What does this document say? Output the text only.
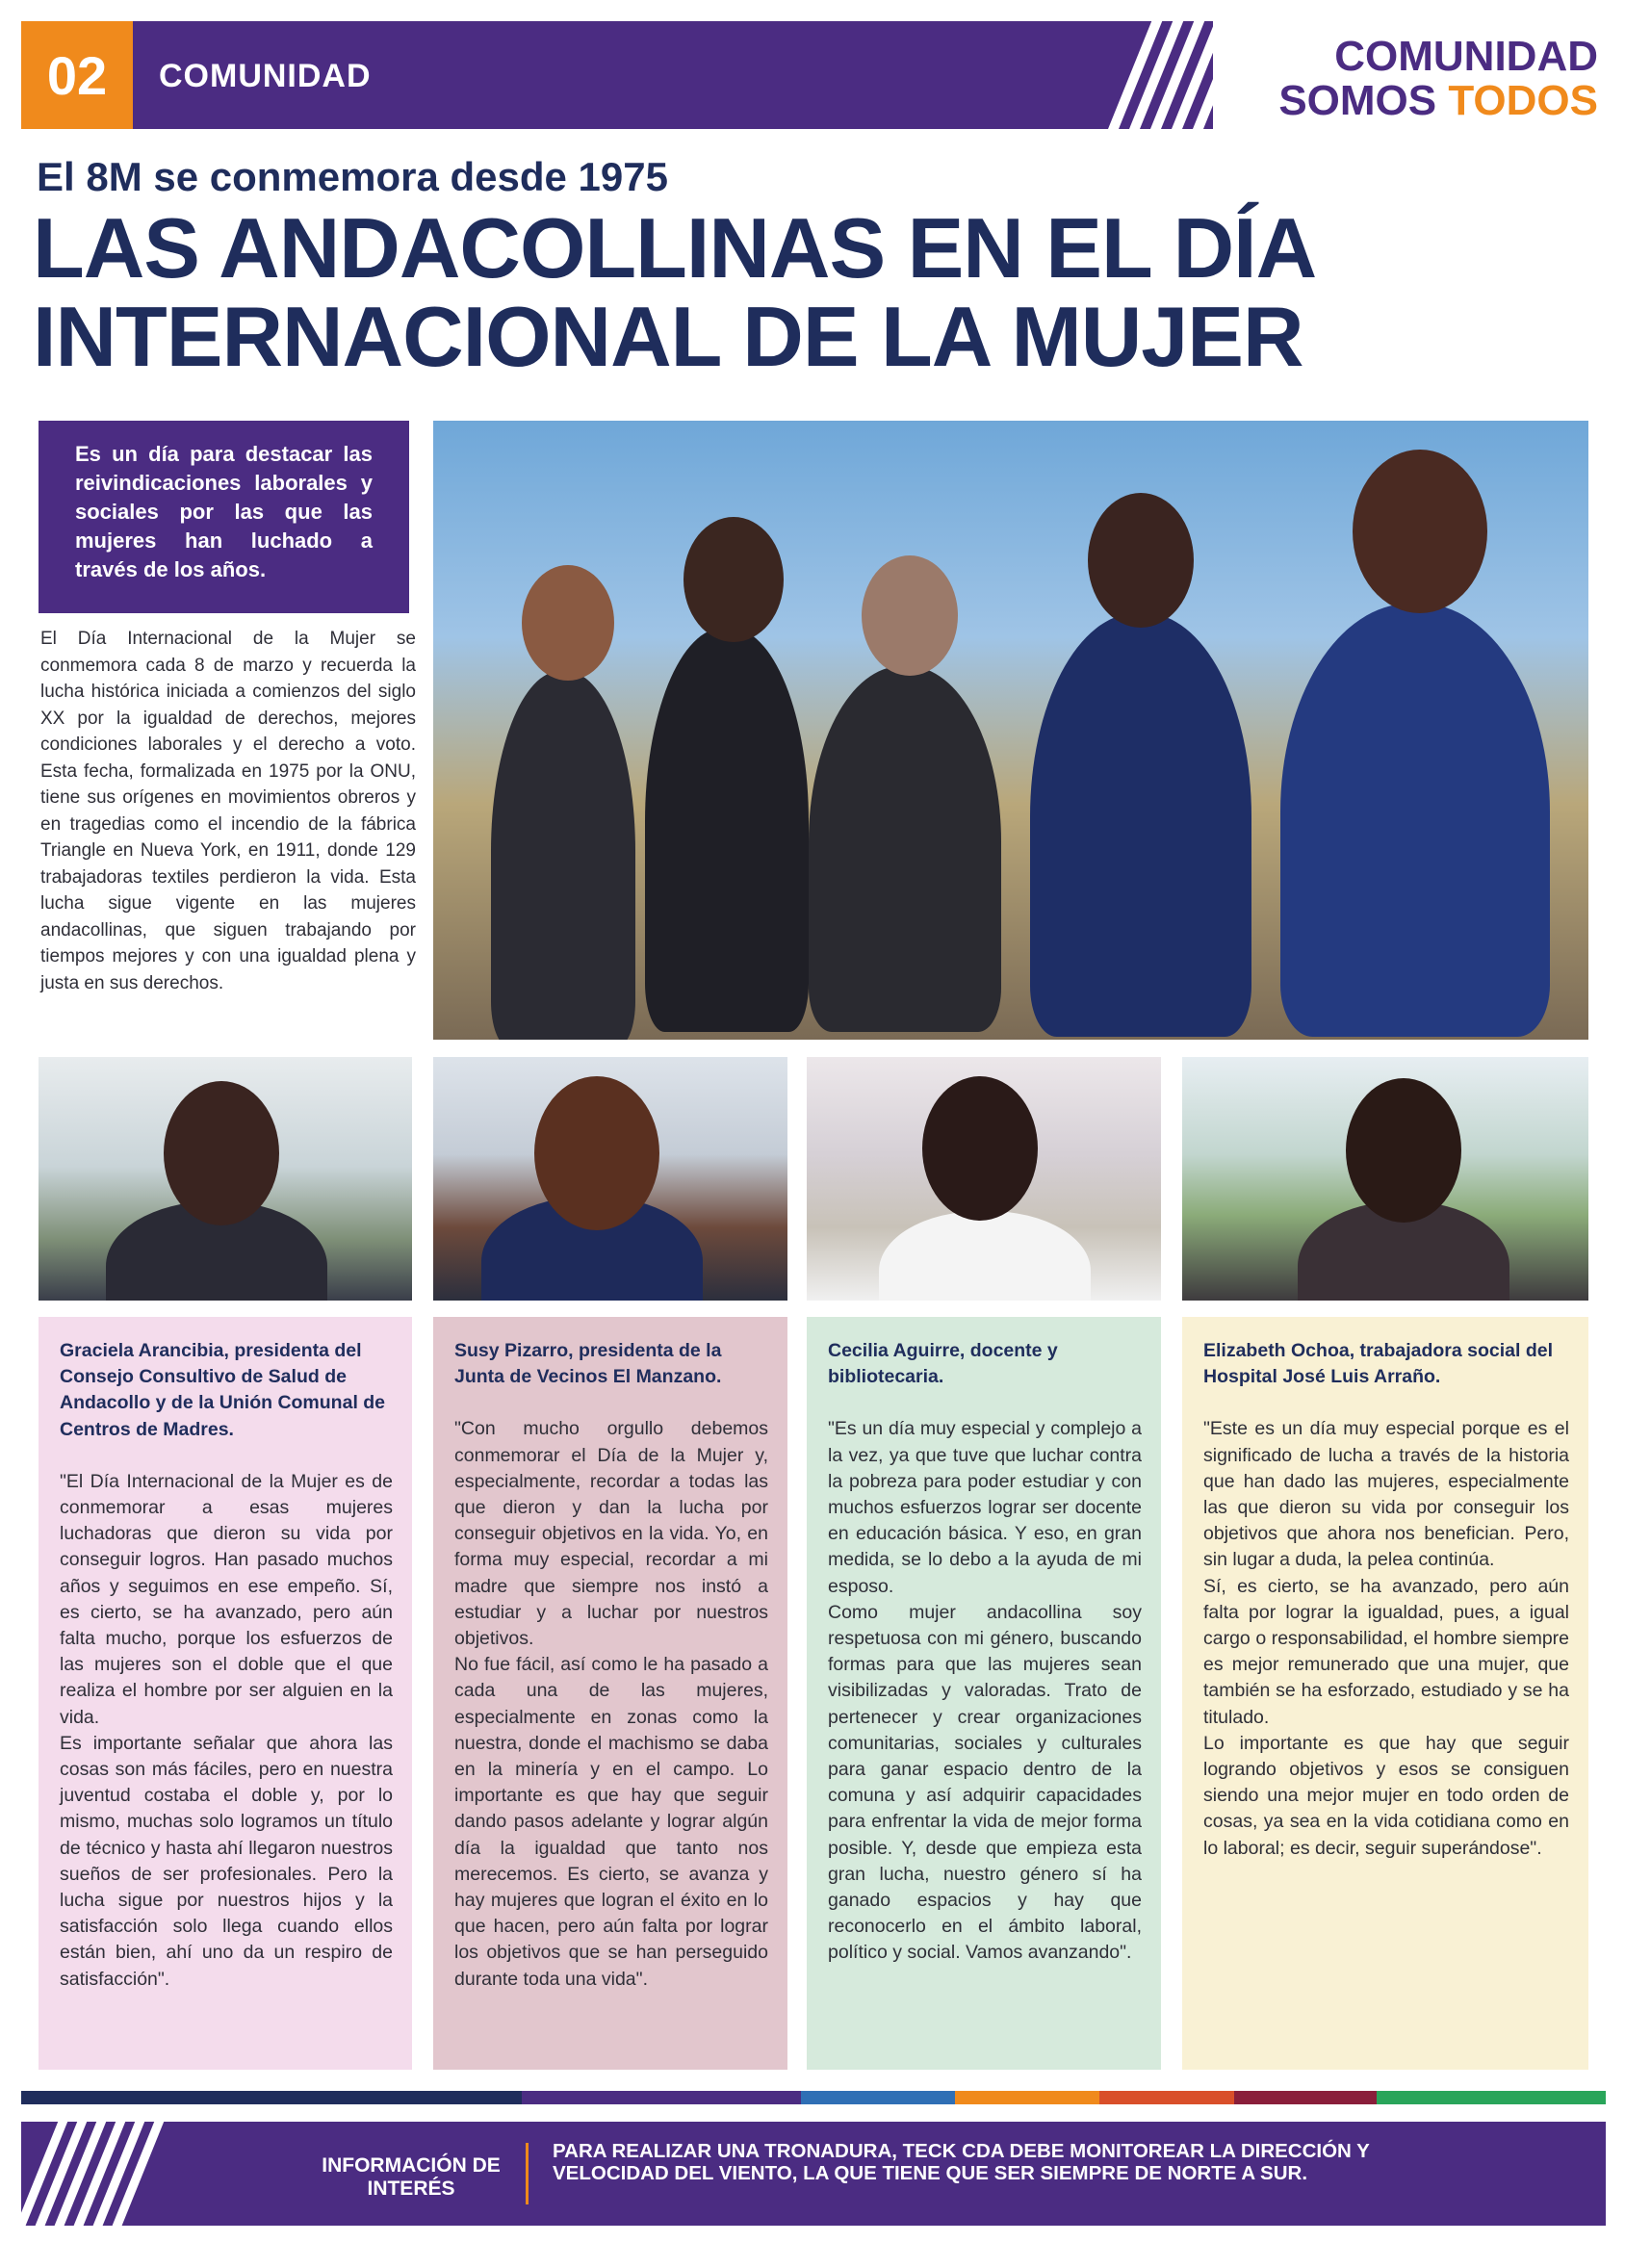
02	COMUNIDAD	COMUNIDAD
SOMOS TODOS
El 8M se conmemora desde 1975
LAS ANDACOLLINAS EN EL DÍA INTERNACIONAL DE LA MUJER
Es un día para destacar las reivindicaciones laborales y sociales por las que las mujeres han luchado a través de los años.

El Día Internacional de la Mujer se conmemora cada 8 de marzo y recuerda la lucha histórica iniciada a comienzos del siglo XX por la igualdad de derechos, mejores condiciones laborales y el derecho a voto. Esta fecha, formalizada en 1975 por la ONU, tiene sus orígenes en movimientos obreros y en tragedias como el incendio de la fábrica Triangle en Nueva York, en 1911, donde 129 trabajadoras textiles perdieron la vida. Esta lucha sigue vigente en las mujeres andacollinas, que siguen trabajando por tiempos mejores y con una igualdad plena y justa en sus derechos.

Graciela Arancibia, presidenta del Consejo Consultivo de Salud de Andacollo y de la Unión Comunal de Centros de Madres.
"El Día Internacional de la Mujer es de conmemorar a esas mujeres luchadoras que dieron su vida por conseguir logros. Han pasado muchos años y seguimos en ese empeño. Sí, es cierto, se ha avanzado, pero aún falta mucho, porque los esfuerzos de las mujeres son el doble que el que realiza el hombre por ser alguien en la vida.
Es importante señalar que ahora las cosas son más fáciles, pero en nuestra juventud costaba el doble y, por lo mismo, muchas solo logramos un título de técnico y hasta ahí llegaron nuestros sueños de ser profesionales. Pero la lucha sigue por nuestros hijos y la satisfacción solo llega cuando ellos están bien, ahí uno da un respiro de satisfacción".
Susy Pizarro, presidenta de la Junta de Vecinos El Manzano.
"Con mucho orgullo debemos conmemorar el Día de la Mujer y, especialmente, recordar a todas las que dieron y dan la lucha por conseguir objetivos en la vida. Yo, en forma muy especial, recordar a mi madre que siempre nos instó a estudiar y a luchar por nuestros objetivos.
No fue fácil, así como le ha pasado a cada una de las mujeres, especialmente en zonas como la nuestra, donde el machismo se daba en la minería y en el campo. Lo importante es que hay que seguir dando pasos adelante y lograr algún día la igualdad que tanto nos merecemos. Es cierto, se avanza y hay mujeres que logran el éxito en lo que hacen, pero aún falta por lograr los objetivos que se han perseguido durante toda una vida".
Cecilia Aguirre, docente y bibliotecaria.
"Es un día muy especial y complejo a la vez, ya que tuve que luchar contra la pobreza para poder estudiar y con muchos esfuerzos lograr ser docente en educación básica. Y eso, en gran medida, se lo debo a la ayuda de mi esposo.
Como mujer andacollina soy respetuosa con mi género, buscando formas para que las mujeres sean visibilizadas y valoradas. Trato de pertenecer y crear organizaciones comunitarias, sociales y culturales para ganar espacio dentro de la comuna y así adquirir capacidades para enfrentar la vida de mejor forma posible. Y, desde que empieza esta gran lucha, nuestro género sí ha ganado espacios y hay que reconocerlo en el ámbito laboral, político y social. Vamos avanzando".
Elizabeth Ochoa, trabajadora social del Hospital José Luis Arraño.
"Este es un día muy especial porque es el significado de lucha a través de la historia que han dado las mujeres, especialmente las que dieron su vida por conseguir los objetivos que ahora nos benefician. Pero, sin lugar a duda, la pelea continúa.
Sí, es cierto, se ha avanzado, pero aún falta por lograr la igualdad, pues, a igual cargo o responsabilidad, el hombre siempre es mejor remunerado que una mujer, que también se ha esforzado, estudiado y se ha titulado.
Lo importante es que hay que seguir logrando objetivos y esos se consiguen siendo una mejor mujer en todo orden de cosas, ya sea en la vida cotidiana como en lo laboral; es decir, seguir superándose".
INFORMACIÓN DE INTERÉS
PARA REALIZAR UNA TRONADURA, TECK CDA DEBE MONITOREAR LA DIRECCIÓN Y VELOCIDAD DEL VIENTO, LA QUE TIENE QUE SER SIEMPRE DE NORTE A SUR.
